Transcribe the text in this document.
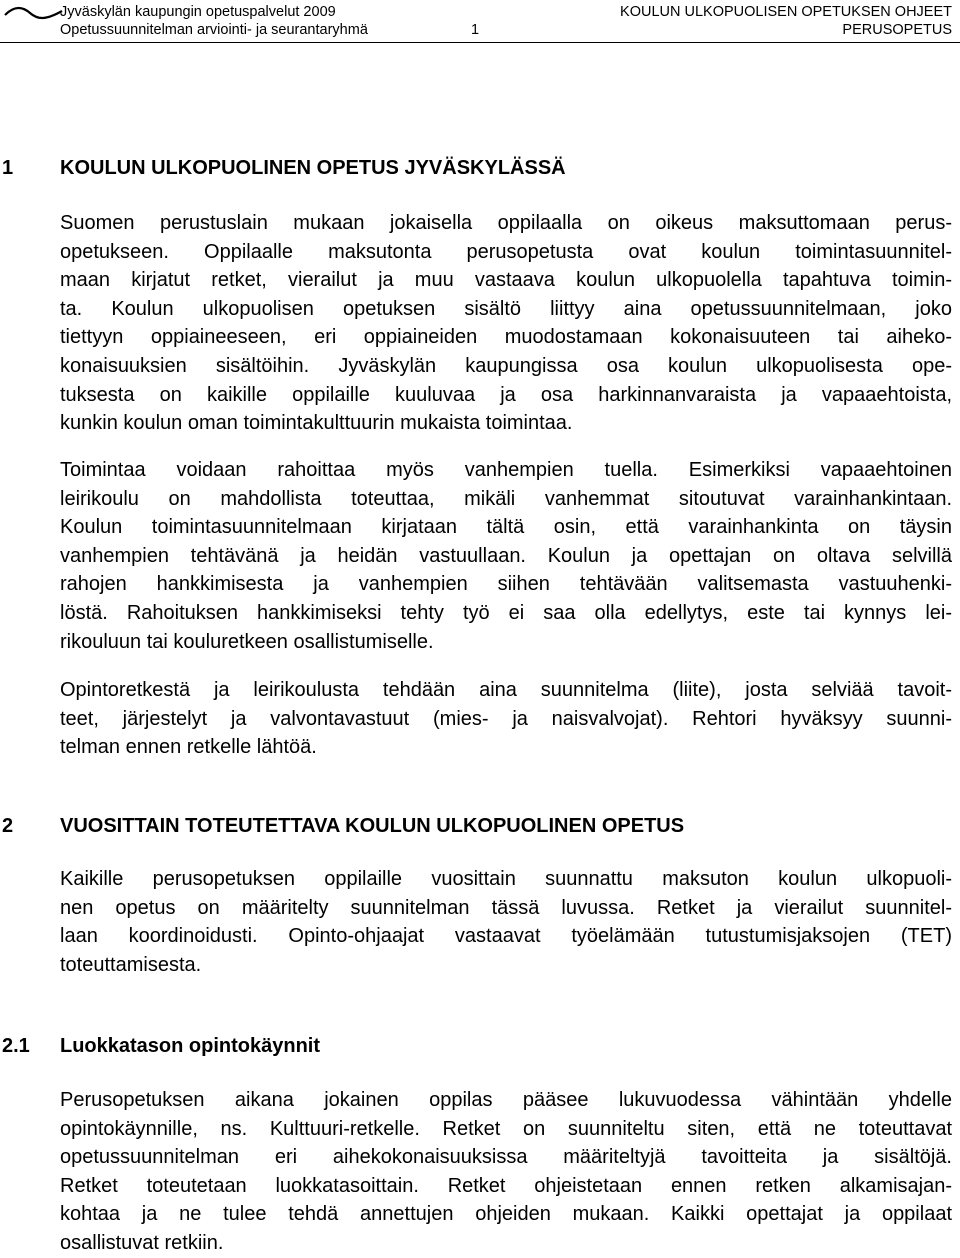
Jyväskylän kaupungin opetuspalvelut 2009
Opetussuunnitelman arviointi- ja seurantaryhmä	1
KOULUN ULKOPUOLISEN OPETUKSEN OHJEET
PERUSOPETUS
1 KOULUN ULKOPUOLINEN OPETUS JYVÄSKYLÄSSÄ
Suomen perustuslain mukaan jokaisella oppilaalla on oikeus maksuttomaan perus-
opetukseen. Oppilaalle maksutonta perusopetusta ovat koulun toimintasuunnitel-
maan kirjatut retket, vierailut ja muu vastaava koulun ulkopuolella tapahtuva toimin-
ta. Koulun ulkopuolisen opetuksen sisältö liittyy aina opetussuunnitelmaan, joko
tiettyyn oppiaineeseen, eri oppiaineiden muodostamaan kokonaisuuteen tai aiheko-
konaisuuksien sisältöihin. Jyväskylän kaupungissa osa koulun ulkopuolisesta ope-
tuksesta on kaikille oppilaille kuuluvaa ja osa harkinnanvaraista ja vapaaehtoista,
kunkin koulun oman toimintakulttuurin mukaista toimintaa.
Toimintaa voidaan rahoittaa myös vanhempien tuella. Esimerkiksi vapaaehtoinen
leirikoulu on mahdollista toteuttaa, mikäli vanhemmat sitoutuvat varainhankintaan.
Koulun toimintasuunnitelmaan kirjataan tältä osin, että varainhankinta on täysin
vanhempien tehtävänä ja heidän vastuullaan. Koulun ja opettajan on oltava selvillä
rahojen hankkimisesta ja vanhempien siihen tehtävään valitsemasta vastuuhenki-
löstä. Rahoituksen hankkimiseksi tehty työ ei saa olla edellytys, este tai kynnys lei-
rikouluun tai kouluretkeen osallistumiselle.
Opintoretkestä ja leirikoulusta tehdään aina suunnitelma (liite), josta selviää tavoit-
teet, järjestelyt ja valvontavastuut (mies- ja naisvalvojat). Rehtori hyväksyy suunni-
telman ennen retkelle lähtöä.
2 VUOSITTAIN TOTEUTETTAVA KOULUN ULKOPUOLINEN OPETUS
Kaikille perusopetuksen oppilaille vuosittain suunnattu maksuton koulun ulkopuoli-
nen opetus on määritelty suunnitelman tässä luvussa. Retket ja vierailut suunnitel-
laan koordinoidusti. Opinto-ohjaajat vastaavat työelämään tutustumisjaksojen (TET)
toteuttamisesta.
2.1 Luokkatason opintokäynnit
Perusopetuksen aikana jokainen oppilas pääsee lukuvuodessa vähintään yhdelle
opintokäynnille, ns. Kulttuuri-retkelle. Retket on suunniteltu siten, että ne toteuttavat
opetussuunnitelman eri aihekokonaisuuksissa määriteltyjä tavoitteita ja sisältöjä.
Retket toteutetaan luokkatasoittain. Retket ohjeistetaan ennen retken alkamisajan-
kohtaa ja ne tulee tehdä annettujen ohjeiden mukaan. Kaikki opettajat ja oppilaat
osallistuvat retkiin.
